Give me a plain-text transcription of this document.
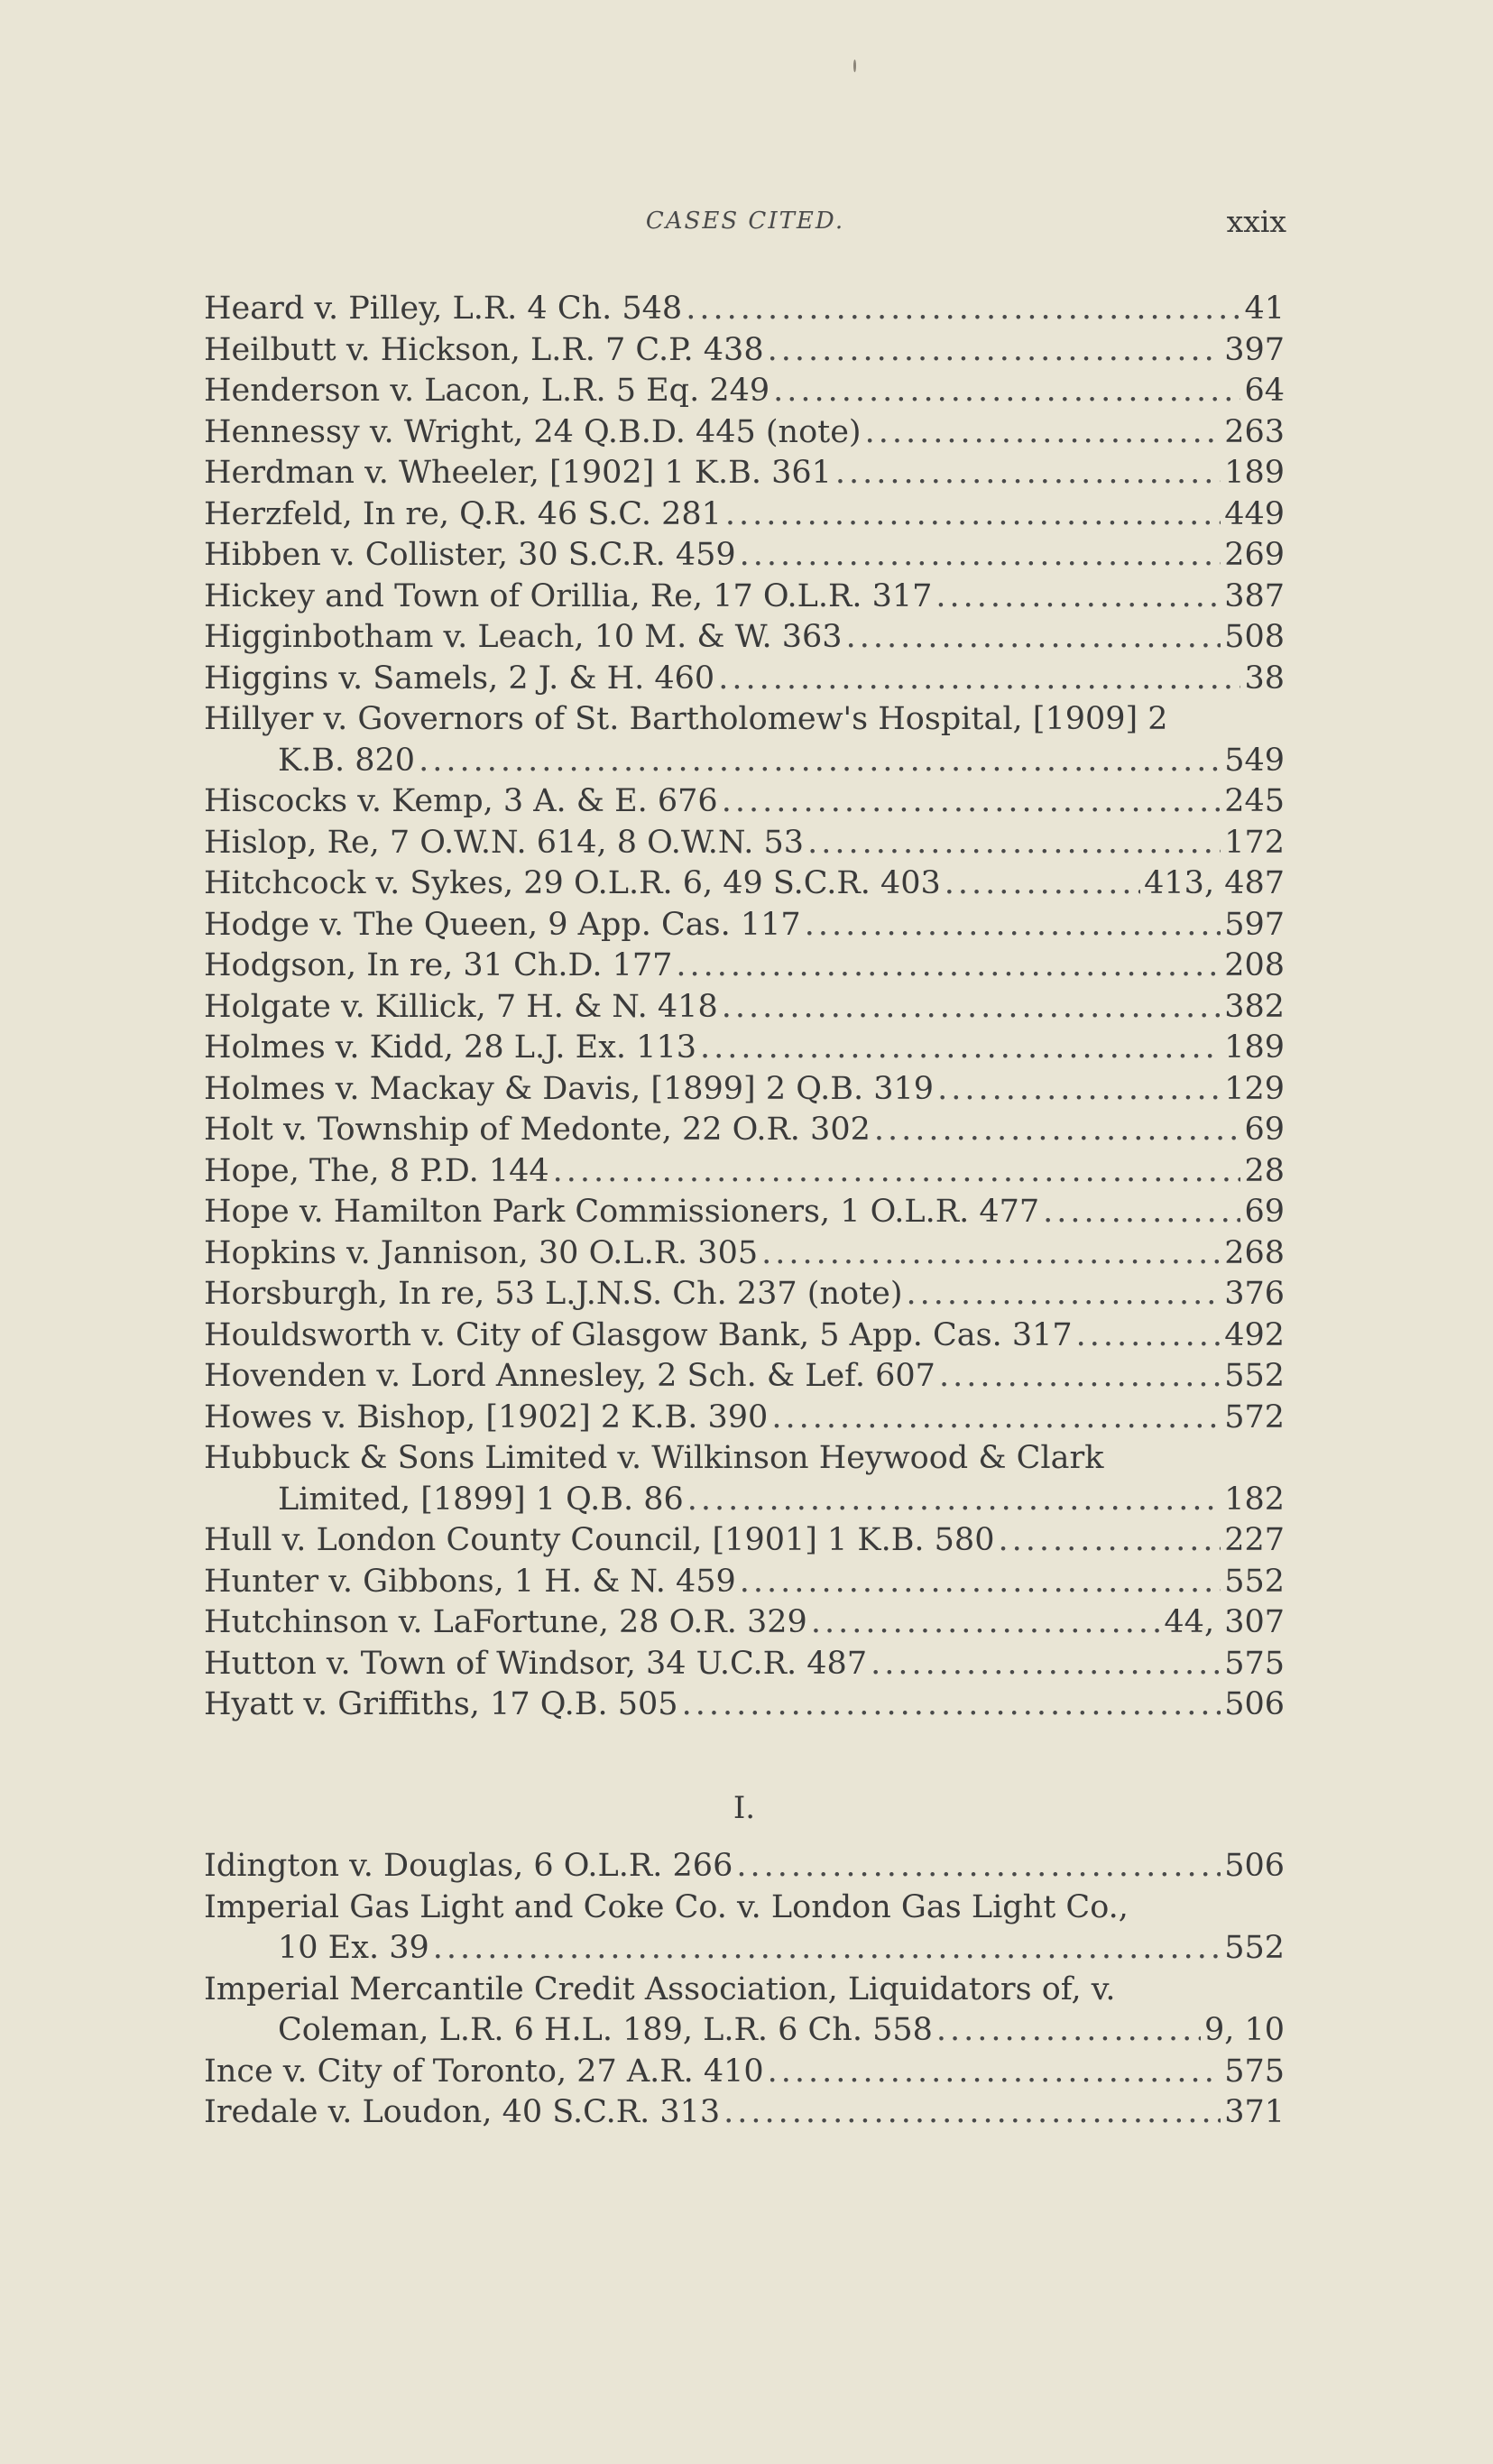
CASES CITED.	xxix
Heard v. Pilley, L.R. 4 Ch. 548 .....	41
Heilbutt v. Hickson, L.R. 7 C.P. 438 .....	397
Henderson v. Lacon, L.R. 5 Eq. 249 .....	64
Hennessy v. Wright, 24 Q.B.D. 445 (note) .....	263
Herdman v. Wheeler, [1902] 1 K.B. 361 .....	189
Herzfeld, In re, Q.R. 46 S.C. 281 .....	449
Hibben v. Collister, 30 S.C.R. 459 .....	269
Hickey and Town of Orillia, Re, 17 O.L.R. 317 .....	387
Higginbotham v. Leach, 10 M. & W. 363 .....	508
Higgins v. Samels, 2 J. & H. 460 .....	38
Hillyer v. Governors of St. Bartholomew's Hospital, [1909] 2
K.B. 820 .....	549
Hiscocks v. Kemp, 3 A. & E. 676 .....	245
Hislop, Re, 7 O.W.N. 614, 8 O.W.N. 53 .....	172
Hitchcock v. Sykes, 29 O.L.R. 6, 49 S.C.R. 403 .....	413, 487
Hodge v. The Queen, 9 App. Cas. 117 .....	597
Hodgson, In re, 31 Ch.D. 177 .....	208
Holgate v. Killick, 7 H. & N. 418 .....	382
Holmes v. Kidd, 28 L.J. Ex. 113 .....	189
Holmes v. Mackay & Davis, [1899] 2 Q.B. 319 .....	129
Holt v. Township of Medonte, 22 O.R. 302 .....	69
Hope, The, 8 P.D. 144 .....	28
Hope v. Hamilton Park Commissioners, 1 O.L.R. 477 .....	69
Hopkins v. Jannison, 30 O.L.R. 305 .....	268
Horsburgh, In re, 53 L.J.N.S. Ch. 237 (note) .....	376
Houldsworth v. City of Glasgow Bank, 5 App. Cas. 317 .....	492
Hovenden v. Lord Annesley, 2 Sch. & Lef. 607 .....	552
Howes v. Bishop, [1902] 2 K.B. 390 .....	572
Hubbuck & Sons Limited v. Wilkinson Heywood & Clark
Limited, [1899] 1 Q.B. 86 .....	182
Hull v. London County Council, [1901] 1 K.B. 580 .....	227
Hunter v. Gibbons, 1 H. & N. 459 .....	552
Hutchinson v. LaFortune, 28 O.R. 329 .....	44, 307
Hutton v. Town of Windsor, 34 U.C.R. 487 .....	575
Hyatt v. Griffiths, 17 Q.B. 505 .....	506
I.
Idington v. Douglas, 6 O.L.R. 266 .....	506
Imperial Gas Light and Coke Co. v. London Gas Light Co.,
10 Ex. 39 .....	552
Imperial Mercantile Credit Association, Liquidators of, v.
Coleman, L.R. 6 H.L. 189, L.R. 6 Ch. 558 .....	9, 10
Ince v. City of Toronto, 27 A.R. 410 .....	575
Iredale v. Loudon, 40 S.C.R. 313 .....	371
